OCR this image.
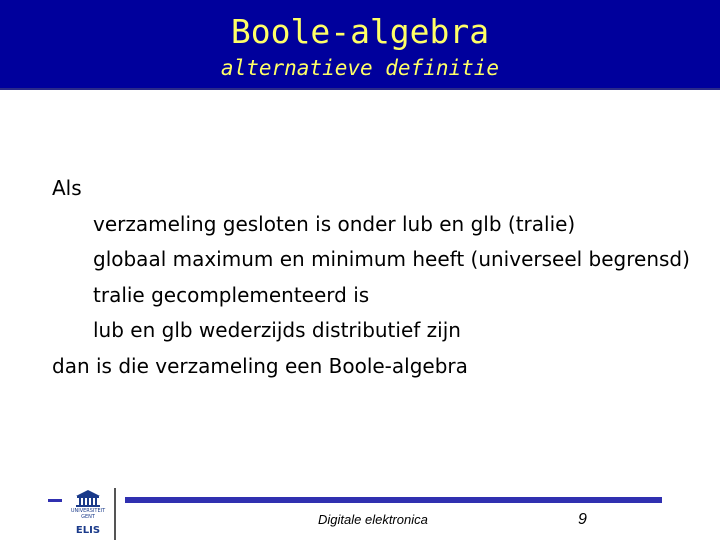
Boole-algebra
alternatieve definitie
Als
verzameling gesloten is onder lub en glb (tralie)
globaal maximum en minimum heeft (universeel begrensd)
tralie gecomplementeerd is
lub en glb wederzijds distributief zijn
dan is die verzameling een Boole-algebra
UNIVERSITEIT GENT
ELIS
Digitale elektronica	9
